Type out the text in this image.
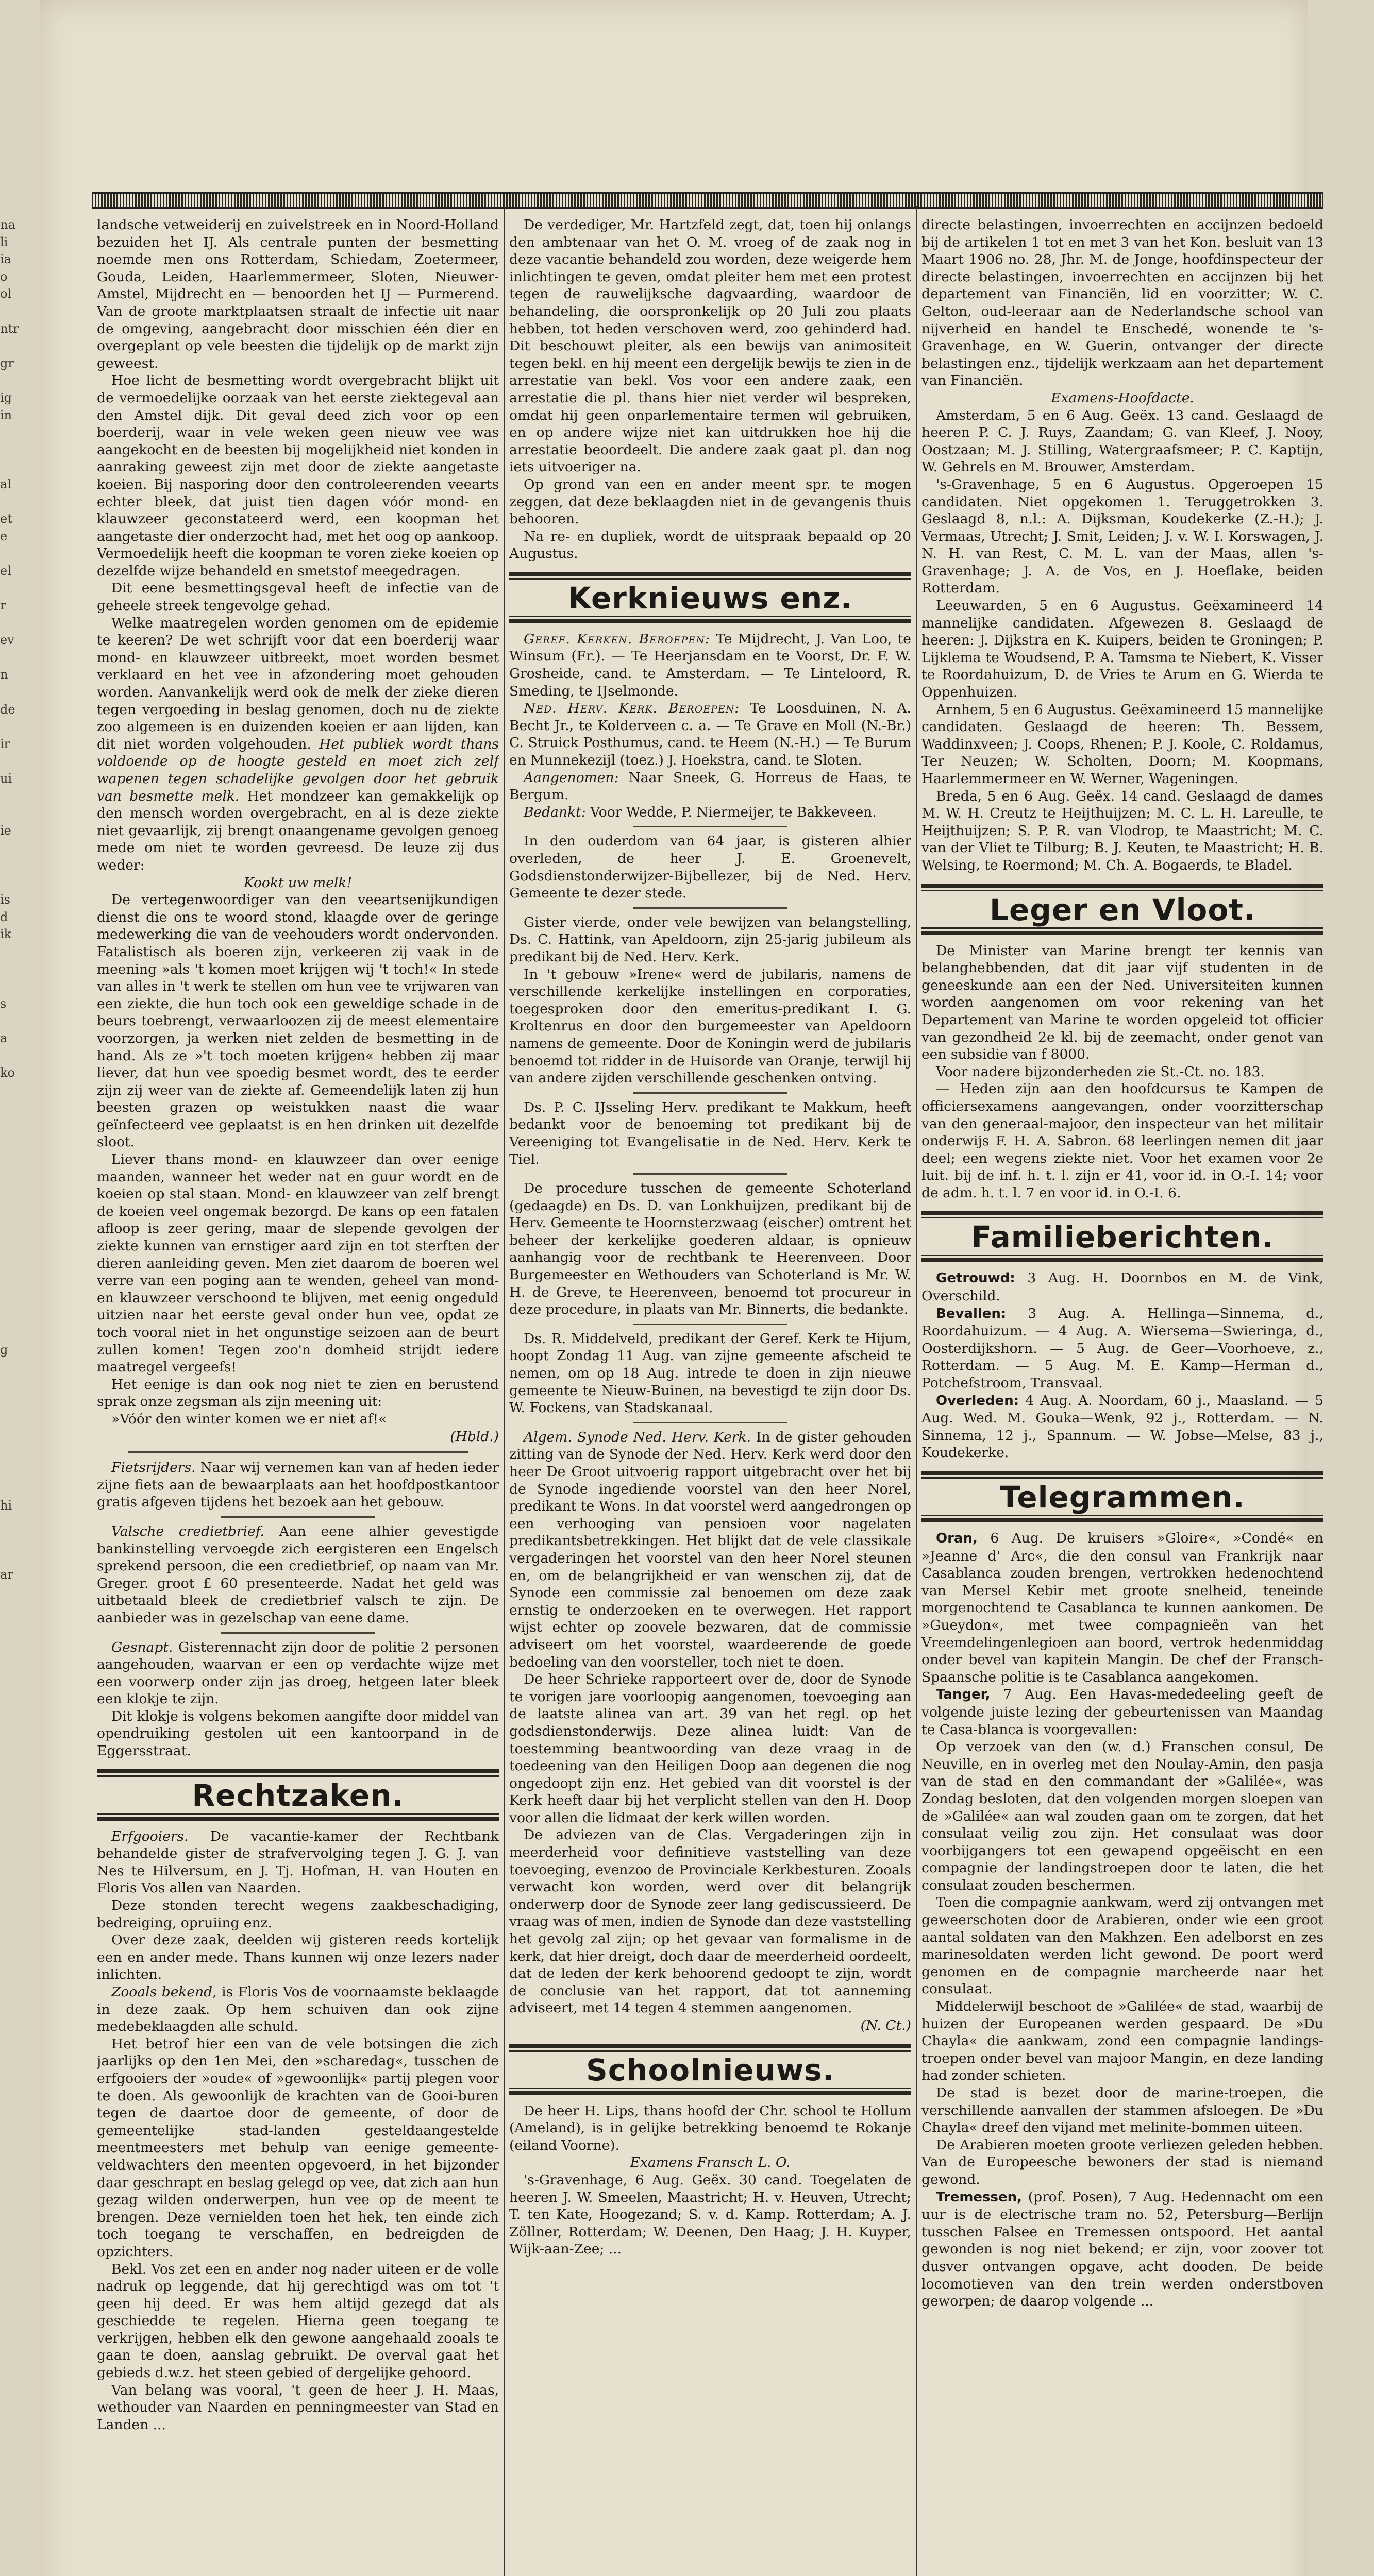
landsche vetweiderij en zuivelstreek en in Noord-Holland bezuiden het IJ. Als centrale punten der besmetting noemde men ons Rotterdam, Schiedam, Zoetermeer, Gouda, Leiden, Haarlemmermeer, Sloten, Nieuwer-Amstel, Mijdrecht en — benoorden het IJ — Purmerend. Van de groote marktplaatsen straalt de infectie uit naar de omgeving, aangebracht door misschien één dier en overgeplant op vele beesten die tijdelijk op de markt zijn geweest.

Hoe licht de besmetting wordt overgebracht blijkt uit de vermoedelijke oorzaak van het eerste ziektegeval aan den Amstel dijk. Dit geval deed zich voor op een boerderij, waar in vele weken geen nieuw vee was aangekocht en de beesten bij mogelijkheid niet konden in aanraking geweest zijn met door de ziekte aangetaste koeien. Bij nasporing door den controleerenden veearts echter bleek, dat juist tien dagen vóór mond- en klauwzeer geconstateerd werd, een koopman het aangetaste dier onderzocht had, met het oog op aankoop. Vermoedelijk heeft die koopman te voren zieke koeien op dezelfde wijze behandeld en smetstof meegedragen.

Dit eene besmettingsgeval heeft de infectie van de geheele streek tengevolge gehad.

Welke maatregelen worden genomen om de epidemie te keeren? De wet schrijft voor dat een boerderij waar mond- en klauwzeer uitbreekt, moet worden besmet verklaard en het vee in afzondering moet gehouden worden. Aanvankelijk werd ook de melk der zieke dieren tegen vergoeding in beslag genomen, doch nu de ziekte zoo algemeen is en duizenden koeien er aan lijden, kan dit niet worden volgehouden. Het publiek wordt thans voldoende op de hoogte gesteld en moet zich zelf wapenen tegen schadelijke gevolgen door het gebruik van besmette melk. Het mondzeer kan gemakkelijk op den mensch worden overgebracht, en al is deze ziekte niet gevaarlijk, zij brengt onaangename gevolgen genoeg mede om niet te worden gevreesd. De leuze zij dus weder:

Kookt uw melk!

De vertegenwoordiger van den veeartsenijkundigen dienst die ons te woord stond, klaagde over de geringe medewerking die van de veehouders wordt ondervonden. Fatalistisch als boeren zijn, verkeeren zij vaak in de meening »als 't komen moet krijgen wij 't toch!« In stede van alles in 't werk te stellen om hun vee te vrijwaren van een ziekte, die hun toch ook een geweldige schade in de beurs toebrengt, verwaarloozen zij de meest elementaire voorzorgen, ja werken niet zelden de besmetting in de hand. Als ze »'t toch moeten krijgen« hebben zij maar liever, dat hun vee spoedig besmet wordt, des te eerder zijn zij weer van de ziekte af. Gemeendelijk laten zij hun beesten grazen op weistukken naast die waar geïnfecteerd vee geplaatst is en hen drinken uit dezelfde sloot.

Liever thans mond- en klauwzeer dan over eenige maanden, wanneer het weder nat en guur wordt en de koeien op stal staan. Mond- en klauwzeer van zelf brengt de koeien veel ongemak bezorgd. De kans op een fatalen afloop is zeer gering, maar de slepende gevolgen der ziekte kunnen van ernstiger aard zijn en tot sterften der dieren aanleiding geven. Men ziet daarom de boeren wel verre van een poging aan te wenden, geheel van mond- en klauwzeer verschoond te blijven, met eenig ongeduld uitzien naar het eerste geval onder hun vee, opdat ze toch vooral niet in het ongunstige seizoen aan de beurt zullen komen! Tegen zoo'n domheid strijdt iedere maatregel vergeefs!

Het eenige is dan ook nog niet te zien en berustend sprak onze zegsman als zijn meening uit:

»Vóór den winter komen we er niet af!«

(Hbld.)

Fietsrijders. Naar wij vernemen kan van af heden ieder zijne fiets aan de bewaarplaats aan het hoofdpostkantoor gratis afgeven tijdens het bezoek aan het gebouw.

Valsche credietbrief. Aan eene alhier gevestigde bankinstelling vervoegde zich eergisteren een Engelsch sprekend persoon, die een credietbrief, op naam van Mr. Greger. groot £ 60 presenteerde. Nadat het geld was uitbetaald bleek de credietbrief valsch te zijn. De aanbieder was in gezelschap van eene dame.

Gesnapt. Gisterennacht zijn door de politie 2 personen aangehouden, waarvan er een op verdachte wijze met een voorwerp onder zijn jas droeg, hetgeen later bleek een klokje te zijn.

Dit klokje is volgens bekomen aangifte door middel van opendruiking gestolen uit een kantoorpand in de Eggersstraat.

Rechtzaken.

Erfgooiers. De vacantie-kamer der Rechtbank behandelde gister de strafvervolging tegen J. G. J. van Nes te Hilversum, en J. Tj. Hofman, H. van Houten en Floris Vos allen van Naarden.

Deze stonden terecht wegens zaakbeschadiging, bedreiging, opruiing enz.

Over deze zaak, deelden wij gisteren reeds kortelijk een en ander mede. Thans kunnen wij onze lezers nader inlichten.

Zooals bekend, is Floris Vos de voornaamste beklaagde in deze zaak. Op hem schuiven dan ook zijne medebeklaagden alle schuld.

Het betrof hier een van de vele botsingen die zich jaarlijks op den 1en Mei, den »scharedag«, tusschen de erfgooiers der »oude« of »gewoonlijk« partij plegen voor te doen. Als gewoonlijk de krachten van de Gooi-buren tegen de daartoe door de gemeente, of door de gemeentelijke stad-landen gesteldaangestelde meentmeesters met behulp van eenige gemeente-veldwachters den meenten opgevoerd, in het bijzonder daar geschrapt en beslag gelegd op vee, dat zich aan hun gezag wilden onderwerpen, hun vee op de meent te brengen. Deze vernielden toen het hek, ten einde zich toch toegang te verschaffen, en bedreigden de opzichters.

Bekl. Vos zet een en ander nog nader uiteen er de volle nadruk op leggende, dat hij gerechtigd was om tot 't geen hij deed. Er was hem altijd gezegd dat als geschiedde te regelen. Hierna geen toegang te verkrijgen, hebben elk den gewone aangehaald zooals te gaan te doen, aanslag gebruikt. De overval gaat het gebieds d.w.z. het steen gebied of dergelijke gehoord.

Van belang was vooral, 't geen de heer J. H. Maas, wethouder van Naarden en penningmeester van Stad en Landen ...

De verdediger, Mr. Hartzfeld zegt, dat, toen hij onlangs den ambtenaar van het O. M. vroeg of de zaak nog in deze vacantie behandeld zou worden, deze weigerde hem inlichtingen te geven, omdat pleiter hem met een protest tegen de rauwelijksche dagvaarding, waardoor de behandeling, die oorspronkelijk op 20 Juli zou plaats hebben, tot heden verschoven werd, zoo gehinderd had. Dit beschouwt pleiter, als een bewijs van animositeit tegen bekl. en hij meent een dergelijk bewijs te zien in de arrestatie van bekl. Vos voor een andere zaak, een arrestatie die pl. thans hier niet verder wil bespreken, omdat hij geen onparlementaire termen wil gebruiken, en op andere wijze niet kan uitdrukken hoe hij die arrestatie beoordeelt. Die andere zaak gaat pl. dan nog iets uitvoeriger na.

Op grond van een en ander meent spr. te mogen zeggen, dat deze beklaagden niet in de gevangenis thuis behooren.

Na re- en dupliek, wordt de uitspraak bepaald op 20 Augustus.

Kerknieuws enz.

Geref. Kerken. Beroepen: Te Mijdrecht, J. Van Loo, te Winsum (Fr.). — Te Heerjansdam en te Voorst, Dr. F. W. Grosheide, cand. te Amsterdam. — Te Linteloord, R. Smeding, te IJselmonde.

Ned. Herv. Kerk. Beroepen: Te Loosduinen, N. A. Becht Jr., te Kolderveen c. a. — Te Grave en Moll (N.-Br.) C. Struick Posthumus, cand. te Heem (N.-H.) — Te Burum en Munnekezijl (toez.) J. Hoekstra, cand. te Sloten.

Aangenomen: Naar Sneek, G. Horreus de Haas, te Bergum.

Bedankt: Voor Wedde, P. Niermeijer, te Bakkeveen.

In den ouderdom van 64 jaar, is gisteren alhier overleden, de heer J. E. Groenevelt, Godsdienstonderwijzer-Bijbellezer, bij de Ned. Herv. Gemeente te dezer stede.

Gister vierde, onder vele bewijzen van belangstelling, Ds. C. Hattink, van Apeldoorn, zijn 25-jarig jubileum als predikant bij de Ned. Herv. Kerk.

In 't gebouw »Irene« werd de jubilaris, namens de verschillende kerkelijke instellingen en corporaties, toegesproken door den emeritus-predikant I. G. Kroltenrus en door den burgemeester van Apeldoorn namens de gemeente. Door de Koningin werd de jubilaris benoemd tot ridder in de Huisorde van Oranje, terwijl hij van andere zijden verschillende geschenken ontving.

Ds. P. C. IJsseling Herv. predikant te Makkum, heeft bedankt voor de benoeming tot predikant bij de Vereeniging tot Evangelisatie in de Ned. Herv. Kerk te Tiel.

De procedure tusschen de gemeente Schoterland (gedaagde) en Ds. D. van Lonkhuijzen, predikant bij de Herv. Gemeente te Hoornsterzwaag (eischer) omtrent het beheer der kerkelijke goederen aldaar, is opnieuw aanhangig voor de rechtbank te Heerenveen. Door Burgemeester en Wethouders van Schoterland is Mr. W. H. de Greve, te Heerenveen, benoemd tot procureur in deze procedure, in plaats van Mr. Binnerts, die bedankte.

Ds. R. Middelveld, predikant der Geref. Kerk te Hijum, hoopt Zondag 11 Aug. van zijne gemeente afscheid te nemen, om op 18 Aug. intrede te doen in zijn nieuwe gemeente te Nieuw-Buinen, na bevestigd te zijn door Ds. W. Fockens, van Stadskanaal.

Algem. Synode Ned. Herv. Kerk. In de gister gehouden zitting van de Synode der Ned. Herv. Kerk werd door den heer De Groot uitvoerig rapport uitgebracht over het bij de Synode ingediende voorstel van den heer Norel, predikant te Wons. In dat voorstel werd aangedrongen op een verhooging van pensioen voor nagelaten predikantsbetrekkingen. Het blijkt dat de vele classikale vergaderingen het voorstel van den heer Norel steunen en, om de belangrijkheid er van wenschen zij, dat de Synode een commissie zal benoemen om deze zaak ernstig te onderzoeken en te overwegen. Het rapport wijst echter op zoovele bezwaren, dat de commissie adviseert om het voorstel, waardeerende de goede bedoeling van den voorsteller, toch niet te doen.

De heer Schrieke rapporteert over de, door de Synode te vorigen jare voorloopig aangenomen, toevoeging aan de laatste alinea van art. 39 van het regl. op het godsdienstonderwijs. Deze alinea luidt: Van de toestemming beantwoording van deze vraag in de toedeening van den Heiligen Doop aan degenen die nog ongedoopt zijn enz. Het gebied van dit voorstel is der Kerk heeft daar bij het verplicht stellen van den H. Doop voor allen die lidmaat der kerk willen worden.

De adviezen van de Clas. Vergaderingen zijn in meerderheid voor definitieve vaststelling van deze toevoeging, evenzoo de Provinciale Kerkbesturen. Zooals verwacht kon worden, werd over dit belangrijk onderwerp door de Synode zeer lang gediscussieerd. De vraag was of men, indien de Synode dan deze vaststelling het gevolg zal zijn; op het gevaar van formalisme in de kerk, dat hier dreigt, doch daar de meerderheid oordeelt, dat de leden der kerk behoorend gedoopt te zijn, wordt de conclusie van het rapport, dat tot aanneming adviseert, met 14 tegen 4 stemmen aangenomen.

(N. Ct.)

Schoolnieuws.

De heer H. Lips, thans hoofd der Chr. school te Hollum (Ameland), is in gelijke betrekking benoemd te Rokanje (eiland Voorne).

Examens Fransch L. O.

's-Gravenhage, 6 Aug. Geëx. 30 cand. Toegelaten de heeren J. W. Smeelen, Maastricht; H. v. Heuven, Utrecht; T. ten Kate, Hoogezand; S. v. d. Kamp. Rotterdam; A. J. Zöllner, Rotterdam; W. Deenen, Den Haag; J. H. Kuyper, Wijk-aan-Zee; ...

directe belastingen, invoerrechten en accijnzen bedoeld bij de artikelen 1 tot en met 3 van het Kon. besluit van 13 Maart 1906 no. 28, Jhr. M. de Jonge, hoofdinspecteur der directe belastingen, invoerrechten en accijnzen bij het departement van Financiën, lid en voorzitter; W. C. Gelton, oud-leeraar aan de Nederlandsche school van nijverheid en handel te Enschedé, wonende te 's-Gravenhage, en W. Guerin, ontvanger der directe belastingen enz., tijdelijk werkzaam aan het departement van Financiën.

Examens-Hoofdacte.

Amsterdam, 5 en 6 Aug. Geëx. 13 cand. Geslaagd de heeren P. C. J. Ruys, Zaandam; G. van Kleef, J. Nooy, Oostzaan; M. J. Stilling, Watergraafsmeer; P. C. Kaptijn, W. Gehrels en M. Brouwer, Amsterdam.

's-Gravenhage, 5 en 6 Augustus. Opgeroepen 15 candidaten. Niet opgekomen 1. Teruggetrokken 3. Geslaagd 8, n.l.: A. Dijksman, Koudekerke (Z.-H.); J. Vermaas, Utrecht; J. Smit, Leiden; J. v. W. I. Korswagen, J. N. H. van Rest, C. M. L. van der Maas, allen 's-Gravenhage; J. A. de Vos, en J. Hoeflake, beiden Rotterdam.

Leeuwarden, 5 en 6 Augustus. Geëxamineerd 14 mannelijke candidaten. Afgewezen 8. Geslaagd de heeren: J. Dijkstra en K. Kuipers, beiden te Groningen; P. Lijklema te Woudsend, P. A. Tamsma te Niebert, K. Visser te Roordahuizum, D. de Vries te Arum en G. Wierda te Oppenhuizen.

Arnhem, 5 en 6 Augustus. Geëxamineerd 15 mannelijke candidaten. Geslaagd de heeren: Th. Bessem, Waddinxveen; J. Coops, Rhenen; P. J. Koole, C. Roldamus, Ter Neuzen; W. Scholten, Doorn; M. Koopmans, Haarlemmermeer en W. Werner, Wageningen.

Breda, 5 en 6 Aug. Geëx. 14 cand. Geslaagd de dames M. W. H. Creutz te Heijthuijzen; M. C. L. H. Lareulle, te Heijthuijzen; S. P. R. van Vlodrop, te Maastricht; M. C. van der Vliet te Tilburg; B. J. Keuten, te Maastricht; H. B. Welsing, te Roermond; M. Ch. A. Bogaerds, te Bladel.

Leger en Vloot.

De Minister van Marine brengt ter kennis van belanghebbenden, dat dit jaar vijf studenten in de geneeskunde aan een der Ned. Universiteiten kunnen worden aangenomen om voor rekening van het Departement van Marine te worden opgeleid tot officier van gezondheid 2e kl. bij de zeemacht, onder genot van een subsidie van f 8000.

Voor nadere bijzonderheden zie St.-Ct. no. 183.

— Heden zijn aan den hoofdcursus te Kampen de officiersexamens aangevangen, onder voorzitterschap van den generaal-majoor, den inspecteur van het militair onderwijs F. H. A. Sabron. 68 leerlingen nemen dit jaar deel; een wegens ziekte niet. Voor het examen voor 2e luit. bij de inf. h. t. l. zijn er 41, voor id. in O.-I. 14; voor de adm. h. t. l. 7 en voor id. in O.-I. 6.

Familieberichten.

Getrouwd: 3 Aug. H. Doornbos en M. de Vink, Overschild.

Bevallen: 3 Aug. A. Hellinga—Sinnema, d., Roordahuizum. — 4 Aug. A. Wiersema—Swieringa, d., Oosterdijkshorn. — 5 Aug. de Geer—Voorhoeve, z., Rotterdam. — 5 Aug. M. E. Kamp—Herman d., Potchefstroom, Transvaal.

Overleden: 4 Aug. A. Noordam, 60 j., Maasland. — 5 Aug. Wed. M. Gouka—Wenk, 92 j., Rotterdam. — N. Sinnema, 12 j., Spannum. — W. Jobse—Melse, 83 j., Koudekerke.

Telegrammen.

Oran, 6 Aug. De kruisers »Gloire«, »Condé« en »Jeanne d' Arc«, die den consul van Frankrijk naar Casablanca zouden brengen, vertrokken hedenochtend van Mersel Kebir met groote snelheid, teneinde morgenochtend te Casablanca te kunnen aankomen. De »Gueydon«, met twee compagnieën van het Vreemdelingenlegioen aan boord, vertrok hedenmiddag onder bevel van kapitein Mangin. De chef der Fransch-Spaansche politie is te Casablanca aangekomen.

Tanger, 7 Aug. Een Havas-mededeeling geeft de volgende juiste lezing der gebeurtenissen van Maandag te Casa-blanca is voorgevallen:

Op verzoek van den (w. d.) Franschen consul, De Neuville, en in overleg met den Noulay-Amin, den pasja van de stad en den commandant der »Galilée«, was Zondag besloten, dat den volgenden morgen sloepen van de »Galilée« aan wal zouden gaan om te zorgen, dat het consulaat veilig zou zijn. Het consulaat was door voorbijgangers tot een gewapend opgeëischt en een compagnie der landingstroepen door te laten, die het consulaat zouden beschermen.

Toen die compagnie aankwam, werd zij ontvangen met geweerschoten door de Arabieren, onder wie een groot aantal soldaten van den Makhzen. Een adelborst en zes marinesoldaten werden licht gewond. De poort werd genomen en de compagnie marcheerde naar het consulaat.

Middelerwijl beschoot de »Galilée« de stad, waarbij de huizen der Europeanen werden gespaard. De »Du Chayla« die aankwam, zond een compagnie landings-troepen onder bevel van majoor Mangin, en deze landing had zonder schieten.

De stad is bezet door de marine-troepen, die verschillende aanvallen der stammen afsloegen. De »Du Chayla« dreef den vijand met melinite-bommen uiteen.

De Arabieren moeten groote verliezen geleden hebben. Van de Europeesche bewoners der stad is niemand gewond.

Tremessen, (prof. Posen), 7 Aug. Hedennacht om een uur is de electrische tram no. 52, Petersburg—Berlijn tusschen Falsee en Tremessen ontspoord. Het aantal gewonden is nog niet bekend; er zijn, voor zoover tot dusver ontvangen opgave, acht dooden. De beide locomotieven van den trein werden onderstboven geworpen; de daarop volgende ...

na
li
ia
o
ol
ntr
gr
ig
in
al
et
e
el
r
ev
n
de
ir
ui
ie
is
d
ik
s
a
ko
g
hi
ar
